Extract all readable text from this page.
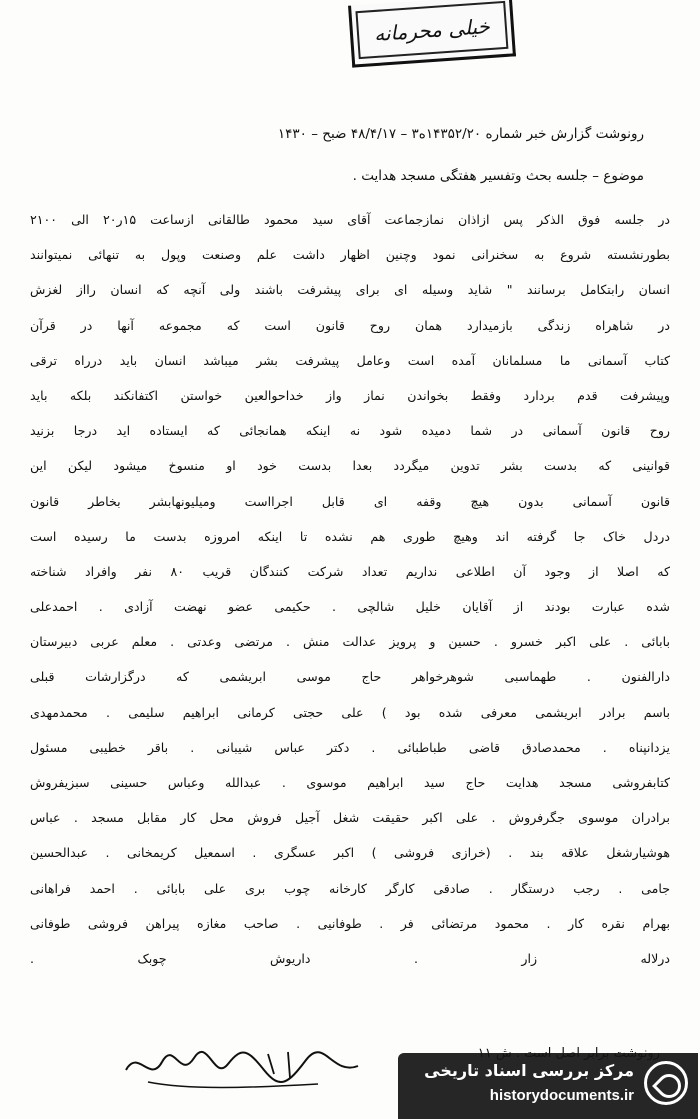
خیلی محرمانه
رونوشت گزارش خبر شماره ۱۴۳۵۲/۲۰ه۳ – ۴۸/۴/۱۷ ضبح – ۱۴۳۰
موضوع – جلسه بحث وتفسیر هفتگی مسجد هدایت .
در جلسه فوق الذکر پس ازاذان نمازجماعت آقای سید محمود طالقانی ازساعت ۱۵ر۲۰ الی ۲۱۰۰
بطورنشسته شروع به سخنرانی نمود وچنین اظهار داشت علم وصنعت وپول به تنهائی نمیتوانند
انسان رابتکامل برسانند " شاید وسیله ای برای پیشرفت باشند ولی آنچه که انسان رااز لغزش
در شاهراه زندگی بازمیدارد همان روح قانون است که مجموعه آنها در قرآن
کتاب آسمانی ما مسلمانان آمده است وعامل پیشرفت بشر میباشد انسان باید درراه ترقی
وپیشرفت قدم بردارد وفقط بخواندن نماز واز خداحوالعین خواستن اکتفانکند بلکه باید
روح قانون آسمانی در شما دمیده شود نه اینکه همانجائی که ایستاده اید درجا بزنید
قوانینی که بدست بشر تدوین میگردد بعدا بدست خود او منسوخ میشود لیکن این
قانون آسمانی بدون هیچ وقفه ای قابل اجرااست ومیلیونهابشر بخاطر قانون
دردل خاک جا گرفته اند وهیچ طوری هم نشده تا اینکه امروزه بدست ما رسیده است
که اصلا از وجود آن اطلاعی نداریم تعداد شرکت کنندگان قریب ۸۰ نفر وافراد شناخته
شده عبارت بودند از آقایان خلیل شالچی . حکیمی عضو نهضت آزادی . احمدعلی
بابائی . علی اکبر خسرو . حسین و پرویز عدالت منش . مرتضی وعدتی . معلم عربی دبیرستان
دارالفنون . طهماسبی شوهرخواهر حاج موسی ابریشمی که درگزارشات قبلی
باسم برادر ابریشمی معرفی شده بود ) علی حجتی کرمانی ابراهیم سلیمی . محمدمهدی
یزدانپناه . محمدصادق قاضی طباطبائی . دکتر عباس شیبانی . باقر خطیبی مسئول
کتابفروشی مسجد هدایت حاج سید ابراهیم موسوی . عبدالله وعباس حسینی سبزیفروش
برادران موسوی جگرفروش . علی اکبر حقیقت شغل آجیل فروش محل کار مقابل مسجد . عباس
هوشیارشغل علاقه بند . (خرازی فروشی ) اکبر عسگری . اسمعیل کریمخانی . عبدالحسین
جامی . رجب درستگار . صادقی کارگر کارخانه چوب بری علی بابائی . احمد فراهانی
بهرام نقره کار . محمود مرتضائی فر . طوفانیی . صاحب مغازه پیراهن فروشی طوفانی
درلاله زار . داریوش چوبک .
مرکز بررسی اسناد تاریخی
historydocuments.ir
